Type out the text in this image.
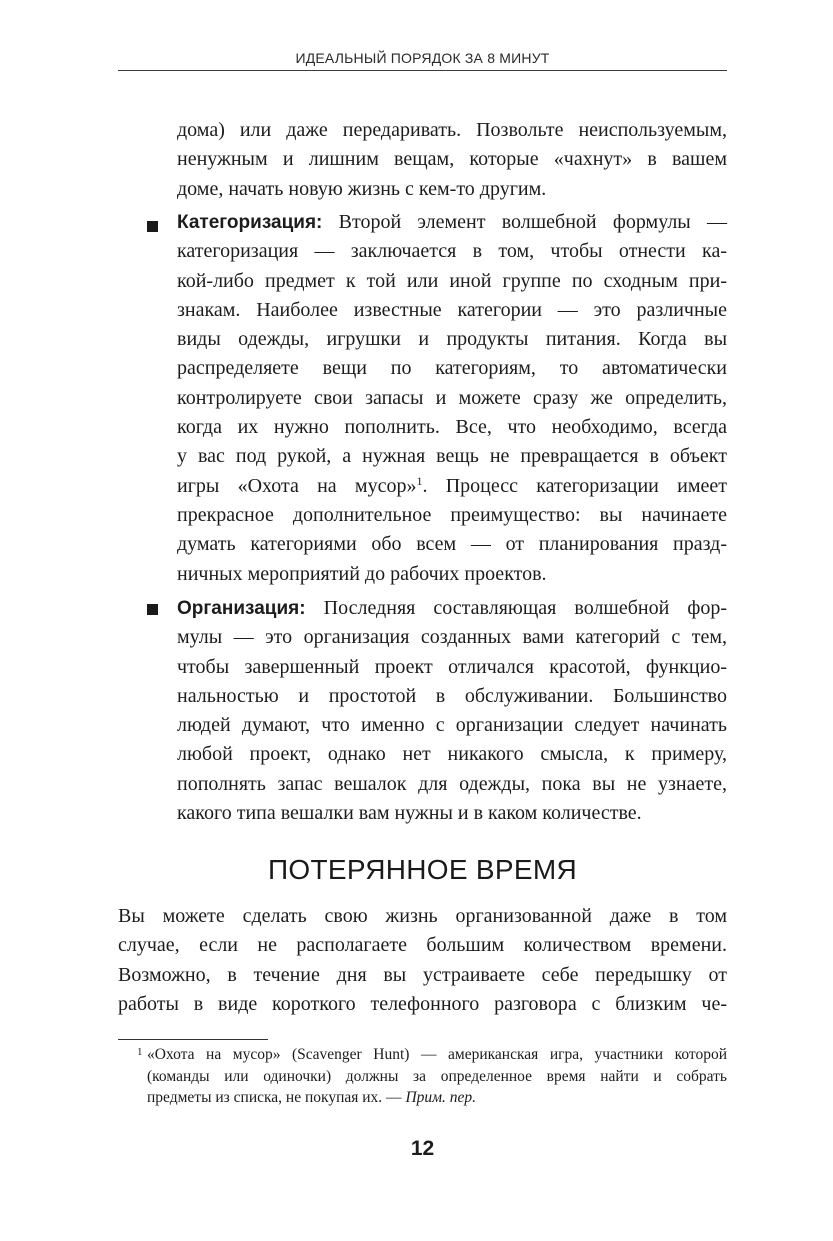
ИДЕАЛЬНЫЙ ПОРЯДОК ЗА 8 МИНУТ
дома) или даже передаривать. Позвольте неиспользуемым,
ненужным и лишним вещам, которые «чахнут» в вашем
доме, начать новую жизнь с кем-то другим.
Категоризация: Второй элемент волшебной формулы —
категоризация — заключается в том, чтобы отнести ка-
кой-либо предмет к той или иной группе по сходным при-
знакам. Наиболее известные категории — это различные
виды одежды, игрушки и продукты питания. Когда вы
распределяете вещи по категориям, то автоматически
контролируете свои запасы и можете сразу же определить,
когда их нужно пополнить. Все, что необходимо, всегда
у вас под рукой, а нужная вещь не превращается в объект
игры «Охота на мусор»$^1$. Процесс категоризации имеет
прекрасное дополнительное преимущество: вы начинаете
думать категориями обо всем — от планирования празд-
ничных мероприятий до рабочих проектов.
Организация: Последняя составляющая волшебной фор-
мулы — это организация созданных вами категорий с тем,
чтобы завершенный проект отличался красотой, функцио-
нальностью и простотой в обслуживании. Большинство
людей думают, что именно с организации следует начинать
любой проект, однако нет никакого смысла, к примеру,
пополнять запас вешалок для одежды, пока вы не узнаете,
какого типа вешалки вам нужны и в каком количестве.
ПОТЕРЯННОЕ ВРЕМЯ
Вы можете сделать свою жизнь организованной даже в том
случае, если не располагаете большим количеством времени.
Возможно, в течение дня вы устраиваете себе передышку от
работы в виде короткого телефонного разговора с близким че-
1 «Охота на мусор» (Scavenger Hunt) — американская игра, участники которой
(команды или одиночки) должны за определенное время найти и собрать
предметы из списка, не покупая их. — Прим. пер.
12
